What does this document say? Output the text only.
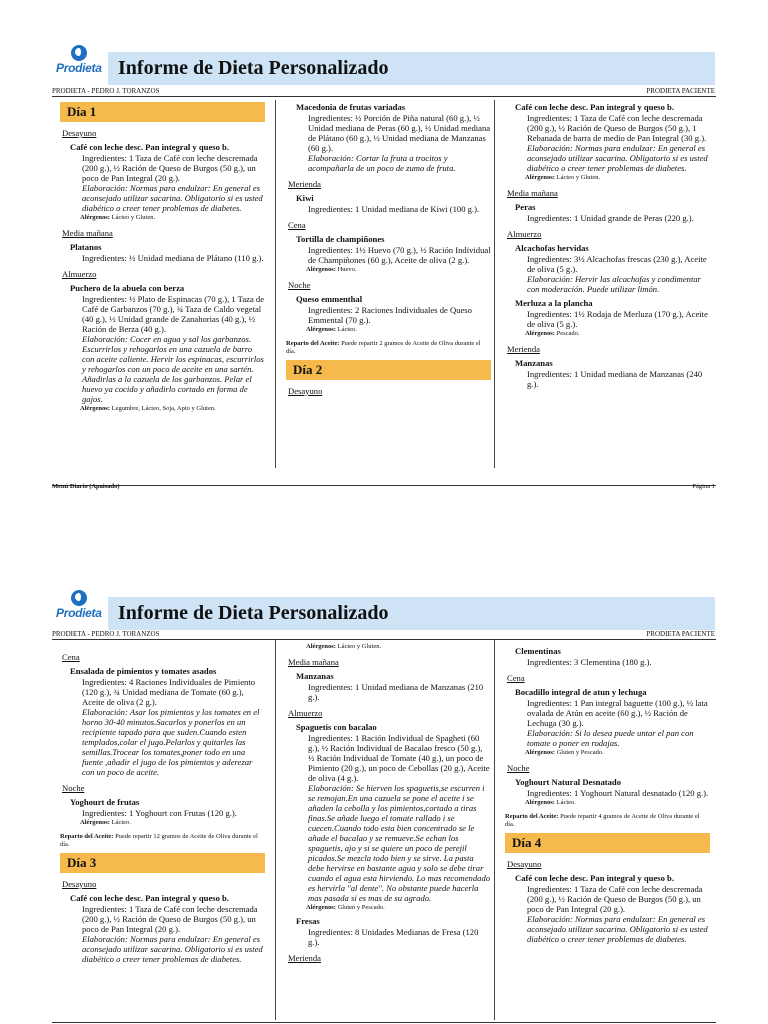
Prodieta Informe de Dieta Personalizado
PRODIETA - PEDRO J. TORANZOS	PRODIETA PACIENTE
Día 1
Desayuno
Café con leche desc. Pan integral y queso b.
Ingredientes: 1 Taza de Café con leche descremada (200 g.), ½ Ración de Queso de Burgos (50 g.), un poco de Pan Integral (20 g.).
Elaboración: Normas para endulzar: En general es aconsejado utilizar sacarina. Obligatorio si es usted diabético o creer tener problemas de diabetes.
Alérgenos: Lácteo y Gluten.
Media mañana
Platanos
Ingredientes: ½ Unidad mediana de Plátano (110 g.).
Almuerzo
Puchero de la abuela con berza
Ingredientes: ½ Plato de Espinacas (70 g.), 1 Taza de Café de Garbanzos (70 g.), ¾ Taza de Caldo vegetal (40 g.), ½ Unidad grande de Zanahorias (40 g.), ½ Ración de Berza (40 g.).
Elaboración: Cocer en agua y sal los garbanzos. Escurrirlos y rehogarlos en una cazuela de barro con aceite caliente. Hervir los espinacas, escurrirlos y rehogarlos con un poco de aceite en una sartén. Añadirlas a la cazuela de los garbanzos. Pelar el huevo ya cocido y añadirlo cortado en forma de gajos.
Alérgenos: Legumbre, Lácteo, Soja, Apio y Gluten.
Macedonia de frutas variadas
Ingredientes: ½ Porción de Piña natural (60 g.), ½ Unidad mediana de Peras (60 g.), ½ Unidad mediana de Plátano (60 g.), ½ Unidad mediana de Manzanas (60 g.).
Elaboración: Cortar la fruta a trocitos y acompañarla de un poco de zumo de fruta.
Merienda
Kiwi
Ingredientes: 1 Unidad mediana de Kiwi (100 g.).
Cena
Tortilla de champiñones
Ingredientes: 1½ Huevo (70 g.), ½ Ración Individual de Champiñones (60 g.), Aceite de oliva (2 g.).
Alérgenos: Huevo.
Noche
Queso emmenthal
Ingredientes: 2 Raciones Individuales de Queso Emmental (70 g.).
Alérgenos: Lácteo.
Reparto del Aceite: Puede repartir 2 gramos de Aceite de Oliva durante el día.
Día 2
Desayuno
Café con leche desc. Pan integral y queso b.
Ingredientes: 1 Taza de Café con leche descremada (200 g.), ½ Ración de Queso de Burgos (50 g.), 1 Rebanada de barra de medio de Pan Integral (30 g.).
Elaboración: Normas para endulzar: En general es aconsejado utilizar sacarina. Obligatorio si es usted diabético o creer tener problemas de diabetes.
Alérgenos: Lácteo y Gluten.
Media mañana
Peras
Ingredientes: 1 Unidad grande de Peras (220 g.).
Almuerzo
Alcachofas hervidas
Ingredientes: 3½ Alcachofas frescas (230 g.), Aceite de oliva (5 g.).
Elaboración: Hervir las alcachofas y condimentar con moderación. Puede utilizar limón.
Merluza a la plancha
Ingredientes: 1½ Rodaja de Merluza (170 g.), Aceite de oliva (5 g.).
Alérgenos: Pescado.
Merienda
Manzanas
Ingredientes: 1 Unidad mediana de Manzanas (240 g.).
Menú Diario (Apaisado)	Página 1
Prodieta Informe de Dieta Personalizado
PRODIETA - PEDRO J. TORANZOS	PRODIETA PACIENTE
Cena
Ensalada de pimientos y tomates asados
Ingredientes: 4 Raciones Individuales de Pimiento (120 g.), ¾ Unidad mediana de Tomate (60 g.), Aceite de oliva (2 g.).
Elaboración: Asar los pimientos y los tomates en el horno 30-40 minutos.Sacarlos y ponerlos en un recipiente tapado para que suden.Cuando esten templados,colar el jugo.Pelarlos y quitarles las semillas.Trocear los tomates,poner todo en una fuente ,añadir el jugo de los pimientos y aderezar con un poco de aceite.
Noche
Yoghourt de frutas
Ingredientes: 1 Yoghourt con Frutas (120 g.).
Alérgenos: Lácteo.
Reparto del Aceite: Puede repartir 12 gramos de Aceite de Oliva durante el día.
Día 3
Desayuno
Café con leche desc. Pan integral y queso b.
Ingredientes: 1 Taza de Café con leche descremada (200 g.), ½ Ración de Queso de Burgos (50 g.), un poco de Pan Integral (20 g.).
Elaboración: Normas para endulzar: En general es aconsejado utilizar sacarina. Obligatorio si es usted diabético o creer tener problemas de diabetes.
Alérgenos: Lácteo y Gluten.
Media mañana
Manzanas
Ingredientes: 1 Unidad mediana de Manzanas (210 g.).
Almuerzo
Spaguetis con bacalao
Ingredientes: 1 Ración Individual de Spagheti (60 g.), ½ Ración Individual de Bacalao fresco (50 g.), ½ Ración Individual de Tomate (40 g.), un poco de Pimiento (20 g.), un poco de Cebollas (20 g.), Aceite de oliva (4 g.).
Elaboración: Se hierven los spaguetis,se escurren i se remojan.En una cazuela se pone el aceite i se añaden la cebolla y los pimientos,cortado a tiras finas.Se añade luego el tomate rallado i se cuecen.Cuando todo esta bien concentrado se le añade el bacalao y se remueve.Se echan los spaguetis, ajo y si se quiere un poco de perejil picados.Se mezcla todo bien y se sirve. La pasta debe hervirse en bastante agua y solo se debe tirar cuando el agua esta hirviendo. Lo mas recomendado es hervirla "al dente". No obstante puede hacerla mas pasada si es mas de su agrado.
Alérgenos: Gluten y Pescado.
Fresas
Ingredientes: 8 Unidades Medianas de Fresa (120 g.).
Merienda
Clementinas
Ingredientes: 3 Clementina (180 g.).
Cena
Bocadillo integral de atun y lechuga
Ingredientes: 1 Pan integral baguette (100 g.), ½ lata ovalada de Atún en aceite (60 g.), ½ Ración de Lechuga (30 g.).
Elaboración: Si lo desea puede untar el pan con tomate o poner en rodajas.
Alérgenos: Gluten y Pescado.
Noche
Yoghourt Natural Desnatado
Ingredientes: 1 Yoghourt Natural desnatado (120 g.).
Alérgenos: Lácteo.
Reparto del Aceite: Puede repartir 4 gramos de Aceite de Oliva durante el día.
Día 4
Desayuno
Café con leche desc. Pan integral y queso b.
Ingredientes: 1 Taza de Café con leche descremada (200 g.), ½ Ración de Queso de Burgos (50 g.), un poco de Pan Integral (20 g.).
Elaboración: Normas para endulzar: En general es aconsejado utilizar sacarina. Obligatorio si es usted diabético o creer tener problemas de diabetes.
